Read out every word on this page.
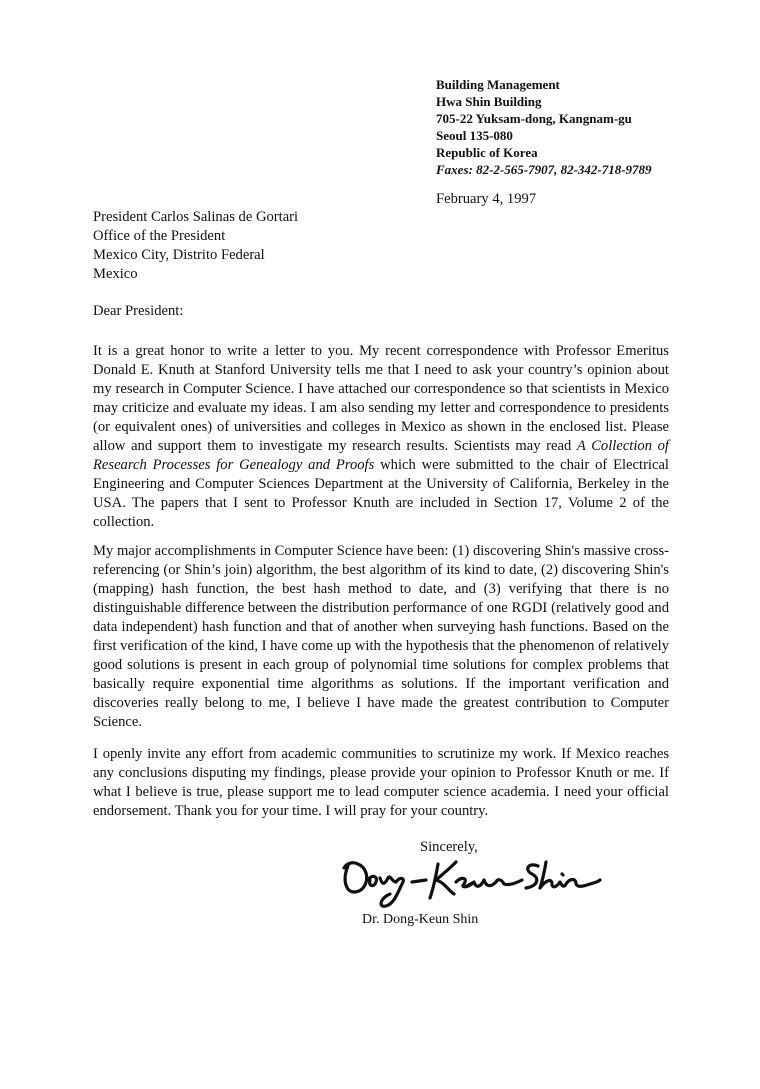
Building Management
Hwa Shin Building
705-22 Yuksam-dong, Kangnam-gu
Seoul 135-080
Republic of Korea
Faxes: 82-2-565-7907, 82-342-718-9789
February 4, 1997
President Carlos Salinas de Gortari
Office of the President
Mexico City, Distrito Federal
Mexico
Dear President:

It is a great honor to write a letter to you. My recent correspondence with Professor Emeritus Donald E. Knuth at Stanford University tells me that I need to ask your country’s opinion about my research in Computer Science. I have attached our correspondence so that scientists in Mexico may criticize and evaluate my ideas. I am also sending my letter and correspondence to presidents (or equivalent ones) of universities and colleges in Mexico as shown in the enclosed list. Please allow and support them to investigate my research results. Scientists may read A Collection of Research Processes for Genealogy and Proofs which were submitted to the chair of Electrical Engineering and Computer Sciences Department at the University of California, Berkeley in the USA. The papers that I sent to Professor Knuth are included in Section 17, Volume 2 of the collection.

My major accomplishments in Computer Science have been: (1) discovering Shin's massive cross-referencing (or Shin’s join) algorithm, the best algorithm of its kind to date, (2) discovering Shin's (mapping) hash function, the best hash method to date, and (3) verifying that there is no distinguishable difference between the distribution performance of one RGDI (relatively good and data independent) hash function and that of another when surveying hash functions. Based on the first verification of the kind, I have come up with the hypothesis that the phenomenon of relatively good solutions is present in each group of polynomial time solutions for complex problems that basically require exponential time algorithms as solutions. If the important verification and discoveries really belong to me, I believe I have made the greatest contribution to Computer Science.

I openly invite any effort from academic communities to scrutinize my work. If Mexico reaches any conclusions disputing my findings, please provide your opinion to Professor Knuth or me. If what I believe is true, please support me to lead computer science academia. I need your official endorsement. Thank you for your time. I will pray for your country.

Sincerely,
Dr. Dong-Keun Shin
